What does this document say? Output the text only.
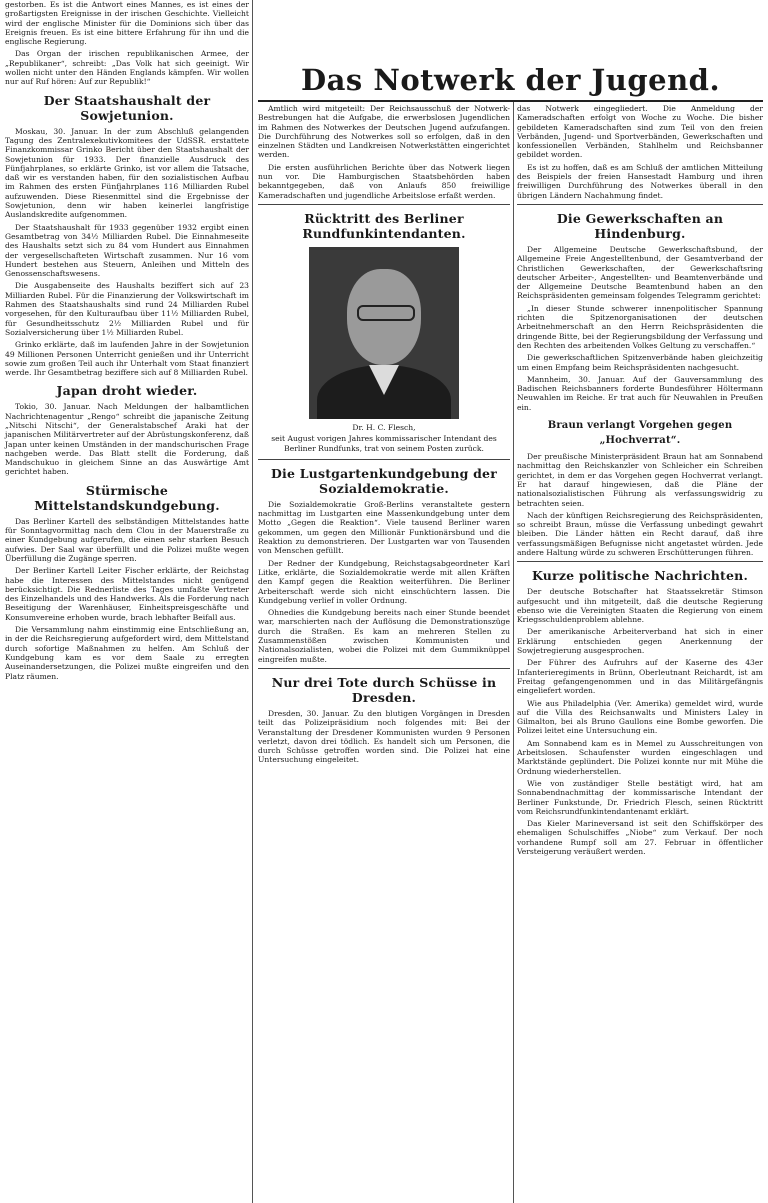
Das Notwerk der Jugend.

gestorben. Es ist die Antwort eines Mannes, es ist eines der großartigsten Ereignisse in der irischen Geschichte. Vielleicht wird der englische Minister für die Dominions sich über das Ereignis freuen. Es ist eine bittere Erfahrung für ihn und die englische Regierung.

Das Organ der irischen republikanischen Armee, der „Republikaner“, schreibt: „Das Volk hat sich geeinigt. Wir wollen nicht unter den Händen Englands kämpfen. Wir wollen nur auf Ruf hören: Auf zur Republik!“

Der Staatshaushalt der Sowjetunion.

Moskau, 30. Januar. In der zum Abschluß gelangenden Tagung des Zentralexekutivkomitees der UdSSR. erstattete Finanzkommissar Grinko Bericht über den Staatshaushalt der Sowjetunion für 1933. Der finanzielle Ausdruck des Fünfjahrplanes, so erklärte Grinko, ist vor allem die Tatsache, daß wir es verstanden haben, für den sozialistischen Aufbau im Rahmen des ersten Fünfjahrplanes 116 Milliarden Rubel aufzuwenden. Diese Riesenmittel sind die Ergebnisse der Sowjetunion, denn wir haben keinerlei langfristige Auslandskredite aufgenommen.

Der Staatshaushalt für 1933 gegenüber 1932 ergibt einen Gesamtbetrag von 34½ Milliarden Rubel. Die Einnahmeseite des Haushalts setzt sich zu 84 vom Hundert aus Einnahmen der vergesellschafteten Wirtschaft zusammen. Nur 16 vom Hundert bestehen aus Steuern, Anleihen und Mitteln des Genossenschaftswesens.

Die Ausgabenseite des Haushalts beziffert sich auf 23 Milliarden Rubel. Für die Finanzierung der Volkswirtschaft im Rahmen des Staatshaushalts sind rund 24 Milliarden Rubel vorgesehen, für den Kulturaufbau über 11½ Milliarden Rubel, für Gesundheitsschutz 2½ Milliarden Rubel und für Sozialversicherung über 1½ Milliarden Rubel.

Grinko erklärte, daß im laufenden Jahre in der Sowjetunion 49 Millionen Personen Unterricht genießen und ihr Unterricht sowie zum großen Teil auch ihr Unterhalt vom Staat finanziert werde. Ihr Gesamtbetrag beziffere sich auf 8 Milliarden Rubel.

Japan droht wieder.

Tokio, 30. Januar. Nach Meldungen der halbamtlichen Nachrichtenagentur „Rengo“ schreibt die japanische Zeitung „Nitschi Nitschi“, der Generalstabschef Araki hat der japanischen Militärvertreter auf der Abrüstungskonferenz, daß Japan unter keinen Umständen in der mandschurischen Frage nachgeben werde. Das Blatt stellt die Forderung, daß Mandschukuo in gleichem Sinne an das Auswärtige Amt gerichtet haben.

Stürmische Mittelstandskundgebung.

Das Berliner Kartell des selbständigen Mittelstandes hatte für Sonntagvormittag nach dem Clou in der Mauerstraße zu einer Kundgebung aufgerufen, die einen sehr starken Besuch aufwies. Der Saal war überfüllt und die Polizei mußte wegen Überfüllung die Zugänge sperren.

Der Berliner Kartell Leiter Fischer erklärte, der Reichstag habe die Interessen des Mittelstandes nicht genügend berücksichtigt. Die Rednerliste des Tages umfaßte Vertreter des Einzelhandels und des Handwerks. Als die Forderung nach Beseitigung der Warenhäuser, Einheitspreisgeschäfte und Konsumvereine erhoben wurde, brach lebhafter Beifall aus.

Die Versammlung nahm einstimmig eine Entschließung an, in der die Reichsregierung aufgefordert wird, dem Mittelstand durch sofortige Maßnahmen zu helfen. Am Schluß der Kundgebung kam es vor dem Saale zu erregten Auseinandersetzungen, die Polizei mußte eingreifen und den Platz räumen.

Amtlich wird mitgeteilt: Der Reichsausschuß der Notwerk-Bestrebungen hat die Aufgabe, die erwerbslosen Jugendlichen im Rahmen des Notwerkes der Deutschen Jugend aufzufangen. Die Durchführung des Notwerkes soll so erfolgen, daß in den einzelnen Städten und Landkreisen Notwerkstätten eingerichtet werden.

Die ersten ausführlichen Berichte über das Notwerk liegen nun vor. Die Hamburgischen Staatsbehörden haben bekanntgegeben, daß von Anlaufs 850 freiwillige Kameradschaften und jugendliche Arbeitslose erfaßt werden.

Rücktritt des Berliner Rundfunkintendanten.
Dr. H. C. Flesch,
seit August vorigen Jahres kommissarischer Intendant des Berliner Rundfunks, trat von seinem Posten zurück.
Die Lustgartenkundgebung der Sozialdemokratie.

Die Sozialdemokratie Groß-Berlins veranstaltete gestern nachmittag im Lustgarten eine Massenkundgebung unter dem Motto „Gegen die Reaktion“. Viele tausend Berliner waren gekommen, um gegen den Millionär Funktionärsbund und die Reaktion zu demonstrieren. Der Lustgarten war von Tausenden von Menschen gefüllt.

Der Redner der Kundgebung, Reichstagsabgeordneter Karl Litke, erklärte, die Sozialdemokratie werde mit allen Kräften den Kampf gegen die Reaktion weiterführen. Die Berliner Arbeiterschaft werde sich nicht einschüchtern lassen. Die Kundgebung verlief in voller Ordnung.

Ohnedies die Kundgebung bereits nach einer Stunde beendet war, marschierten nach der Auflösung die Demonstrationszüge durch die Straßen. Es kam an mehreren Stellen zu Zusammenstößen zwischen Kommunisten und Nationalsozialisten, wobei die Polizei mit dem Gummiknüppel eingreifen mußte.

Nur drei Tote durch Schüsse in Dresden.

Dresden, 30. Januar. Zu den blutigen Vorgängen in Dresden teilt das Polizeipräsidium noch folgendes mit: Bei der Veranstaltung der Dresdener Kommunisten wurden 9 Personen verletzt, davon drei tödlich. Es handelt sich um Personen, die durch Schüsse getroffen worden sind. Die Polizei hat eine Untersuchung eingeleitet.

das Notwerk eingegliedert. Die Anmeldung der Kameradschaften erfolgt von Woche zu Woche. Die bisher gebildeten Kameradschaften sind zum Teil von den freien Verbänden, Jugend- und Sportverbänden, Gewerkschaften und konfessionellen Verbänden, Stahlhelm und Reichsbanner gebildet worden.

Es ist zu hoffen, daß es am Schluß der amtlichen Mitteilung des Beispiels der freien Hansestadt Hamburg und ihren freiwilligen Durchführung des Notwerkes überall in den übrigen Ländern Nachahmung findet.

Die Gewerkschaften an Hindenburg.

Der Allgemeine Deutsche Gewerkschaftsbund, der Allgemeine Freie Angestelltenbund, der Gesamtverband der Christlichen Gewerkschaften, der Gewerkschaftsring deutscher Arbeiter-, Angestellten- und Beamtenverbände und der Allgemeine Deutsche Beamtenbund haben an den Reichspräsidenten gemeinsam folgendes Telegramm gerichtet:

„In dieser Stunde schwerer innenpolitischer Spannung richten die Spitzenorganisationen der deutschen Arbeitnehmerschaft an den Herrn Reichspräsidenten die dringende Bitte, bei der Regierungsbildung der Verfassung und den Rechten des arbeitenden Volkes Geltung zu verschaffen.“

Die gewerkschaftlichen Spitzenverbände haben gleichzeitig um einen Empfang beim Reichspräsidenten nachgesucht.

Mannheim, 30. Januar. Auf der Gauversammlung des Badischen Reichsbanners forderte Bundesführer Höltermann Neuwahlen im Reiche. Er trat auch für Neuwahlen in Preußen ein.

Braun verlangt Vorgehen gegen „Hochverrat“.

Der preußische Ministerpräsident Braun hat am Sonnabend nachmittag den Reichskanzler von Schleicher ein Schreiben gerichtet, in dem er das Vorgehen gegen Hochverrat verlangt. Er hat darauf hingewiesen, daß die Pläne der nationalsozialistischen Führung als verfassungswidrig zu betrachten seien.

Nach der künftigen Reichsregierung des Reichspräsidenten, so schreibt Braun, müsse die Verfassung unbedingt gewahrt bleiben. Die Länder hätten ein Recht darauf, daß ihre verfassungsmäßigen Befugnisse nicht angetastet würden. Jede andere Haltung würde zu schweren Erschütterungen führen.

Kurze politische Nachrichten.

Der deutsche Botschafter hat Staatssekretär Stimson aufgesucht und ihn mitgeteilt, daß die deutsche Regierung ebenso wie die Vereinigten Staaten die Regierung von einem Kriegsschuldenproblem ablehne.

Der amerikanische Arbeiterverband hat sich in einer Erklärung entschieden gegen Anerkennung der Sowjetregierung ausgesprochen.

Der Führer des Aufruhrs auf der Kaserne des 43er Infanterieregiments in Brünn, Oberleutnant Reichardt, ist am Freitag gefangengenommen und in das Militärgefängnis eingeliefert worden.

Wie aus Philadelphia (Ver. Amerika) gemeldet wird, wurde auf die Villa des Reichsanwalts und Ministers Laley in Gilmalton, bei als Bruno Gaullons eine Bombe geworfen. Die Polizei leitet eine Untersuchung ein.

Am Sonnabend kam es in Memel zu Ausschreitungen von Arbeitslosen. Schaufenster wurden eingeschlagen und Marktstände geplündert. Die Polizei konnte nur mit Mühe die Ordnung wiederherstellen.

Wie von zuständiger Stelle bestätigt wird, hat am Sonnabendnachmittag der kommissarische Intendant der Berliner Funkstunde, Dr. Friedrich Flesch, seinen Rücktritt vom Reichsrundfunkintendantenamt erklärt.

Das Kieler Marineversand ist seit den Schiffskörper des ehemaligen Schulschiffes „Niobe“ zum Verkauf. Der noch vorhandene Rumpf soll am 27. Februar in öffentlicher Versteigerung veräußert werden.
